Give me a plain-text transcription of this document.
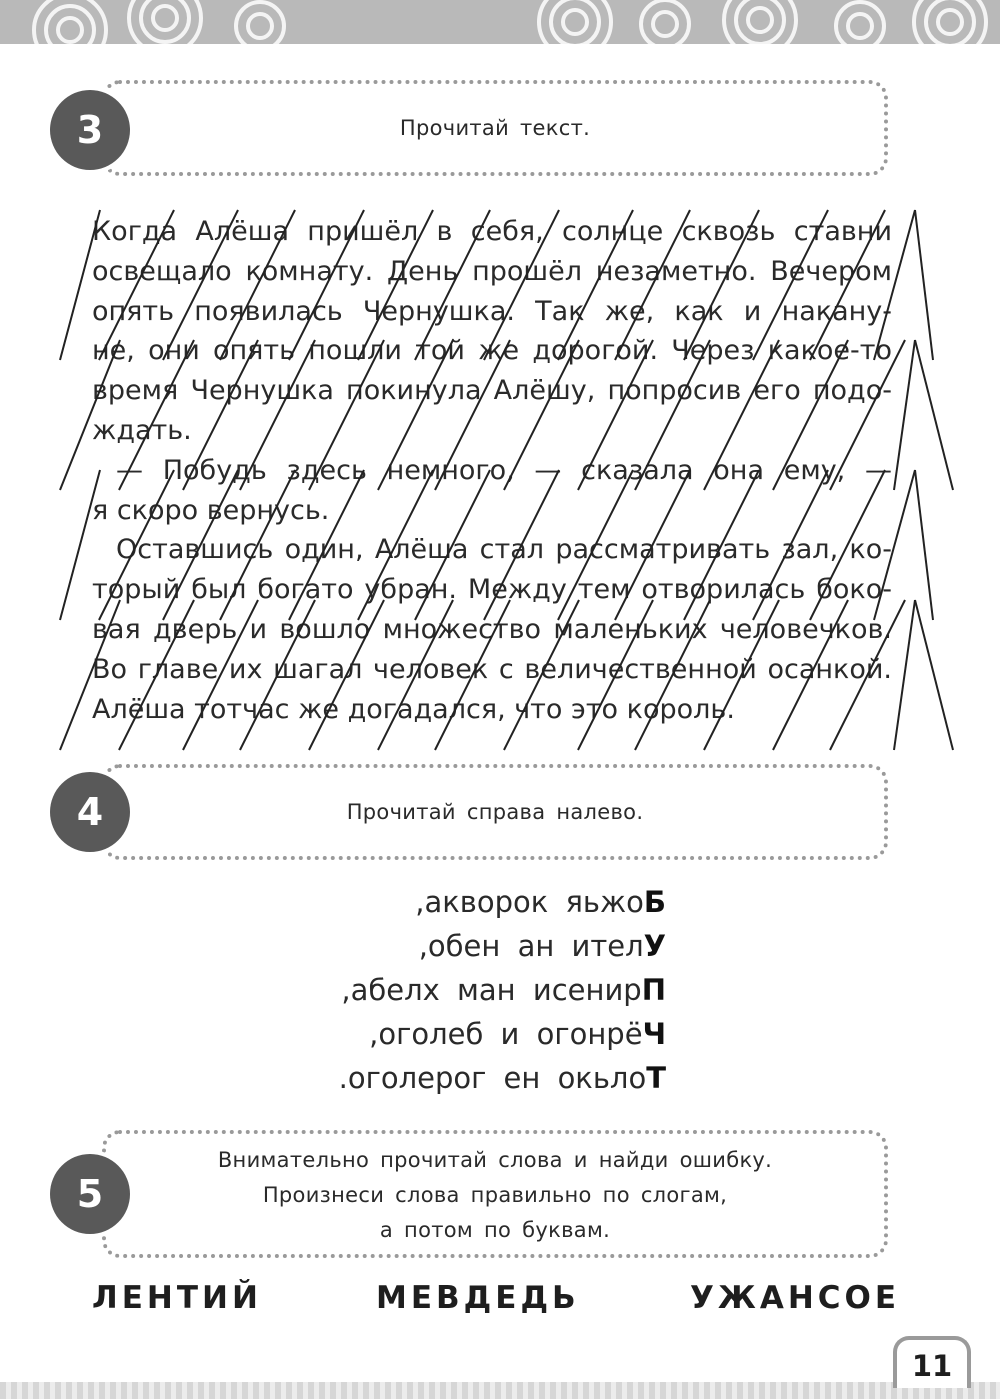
Прочитай текст.
3
Когда Алёша пришёл в себя, солнце сквозь ставни
освещало комнату. День прошёл незаметно. Вечером
опять появилась Чернушка. Так же, как и накану-
не, они опять пошли той же дорогой. Через какое-то
время Чернушка покинула Алёшу, попросив его подо-
ждать.
— Побудь здесь немного, — сказала она ему, —
я скоро вернусь.
Оставшись один, Алёша стал рассматривать зал, ко-
торый был богато убран. Между тем отворилась боко-
вая дверь и вошло множество маленьких человечков.
Во главе их шагал человек с величественной осанкой.
Алёша тотчас же догадался, что это король.
Прочитай справа налево.
4
,акворок яьжоБ
,обен ан ителУ
,абелх ман исенирП
,оголеб и огонрёЧ
.оголерог ен окьлоТ
Внимательно прочитай слова и найди ошибку.
Произнеси слова правильно по слогам,
а потом по буквам.
5
ЛЕНТИЙ	МЕВДЕДЬ	УЖАНСОЕ
11
